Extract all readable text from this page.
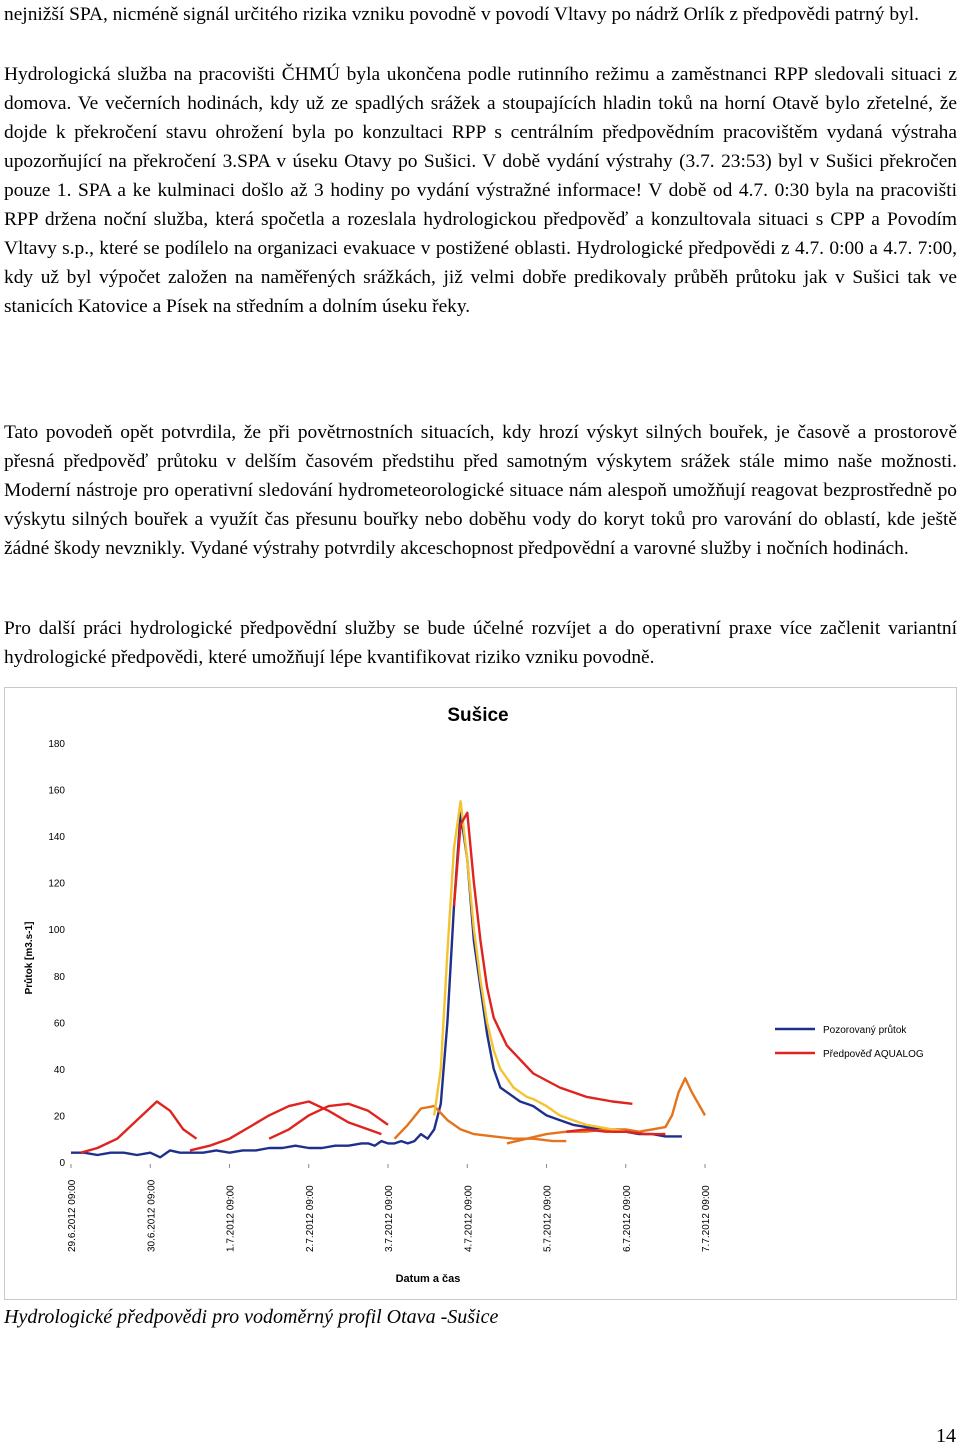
nejnižší SPA, nicméně signál určitého rizika vzniku povodně v povodí Vltavy po nádrž Orlík z předpovědi patrný byl.

Hydrologická služba na pracovišti ČHMÚ byla ukončena podle rutinního režimu a zaměstnanci RPP sledovali situaci z domova. Ve večerních hodinách, kdy už ze spadlých srážek a stoupajících hladin toků na horní Otavě bylo zřetelné, že dojde k překročení stavu ohrožení byla po konzultaci RPP s centrálním předpovědním pracovištěm vydaná výstraha upozorňující na překročení 3.SPA v úseku Otavy po Sušici. V době vydání výstrahy (3.7. 23:53) byl v Sušici překročen pouze 1. SPA a ke kulminaci došlo až 3 hodiny po vydání výstražné informace! V době od 4.7. 0:30 byla na pracovišti RPP držena noční služba, která spočetla a rozeslala hydrologickou předpověď a konzultovala situaci s CPP a Povodím Vltavy s.p., které se podílelo na organizaci evakuace v postižené oblasti. Hydrologické předpovědi z 4.7. 0:00 a 4.7. 7:00, kdy už byl výpočet založen na naměřených srážkách, již velmi dobře predikovaly průběh průtoku jak v Sušici tak ve stanicích Katovice a Písek na středním a dolním úseku řeky.

Tato povodeň opět potvrdila, že při povětrnostních situacích, kdy hrozí výskyt silných bouřek, je časově a prostorově přesná předpověď průtoku v delším časovém předstihu před samotným výskytem srážek stále mimo naše možnosti. Moderní nástroje pro operativní sledování hydrometeorologické situace nám alespoň umožňují reagovat bezprostředně po výskytu silných bouřek a využít čas přesunu bouřky nebo doběhu vody do koryt toků pro varování do oblastí, kde ještě žádné škody nevznikly. Vydané výstrahy potvrdily akceschopnost předpovědní a varovné služby i nočních hodinách.

Pro další práci hydrologické předpovědní služby se bude účelné rozvíjet a do operativní praxe více začlenit variantní hydrologické předpovědi, které umožňují lépe kvantifikovat riziko vzniku povodně.

Sušice
Průtok [m3.s-1]
Datum a čas
0
20
40
60
80
100
120
140
160
180
29.6.2012 09:00	30.6.2012 09:00	1.7.2012 09:00	2.7.2012 09:00	3.7.2012 09:00	4.7.2012 09:00	5.7.2012 09:00	6.7.2012 09:00	7.7.2012 09:00
Pozorovaný průtok
Předpověď AQUALOG
Hydrologické předpovědi pro vodoměrný profil Otava -Sušice
14
